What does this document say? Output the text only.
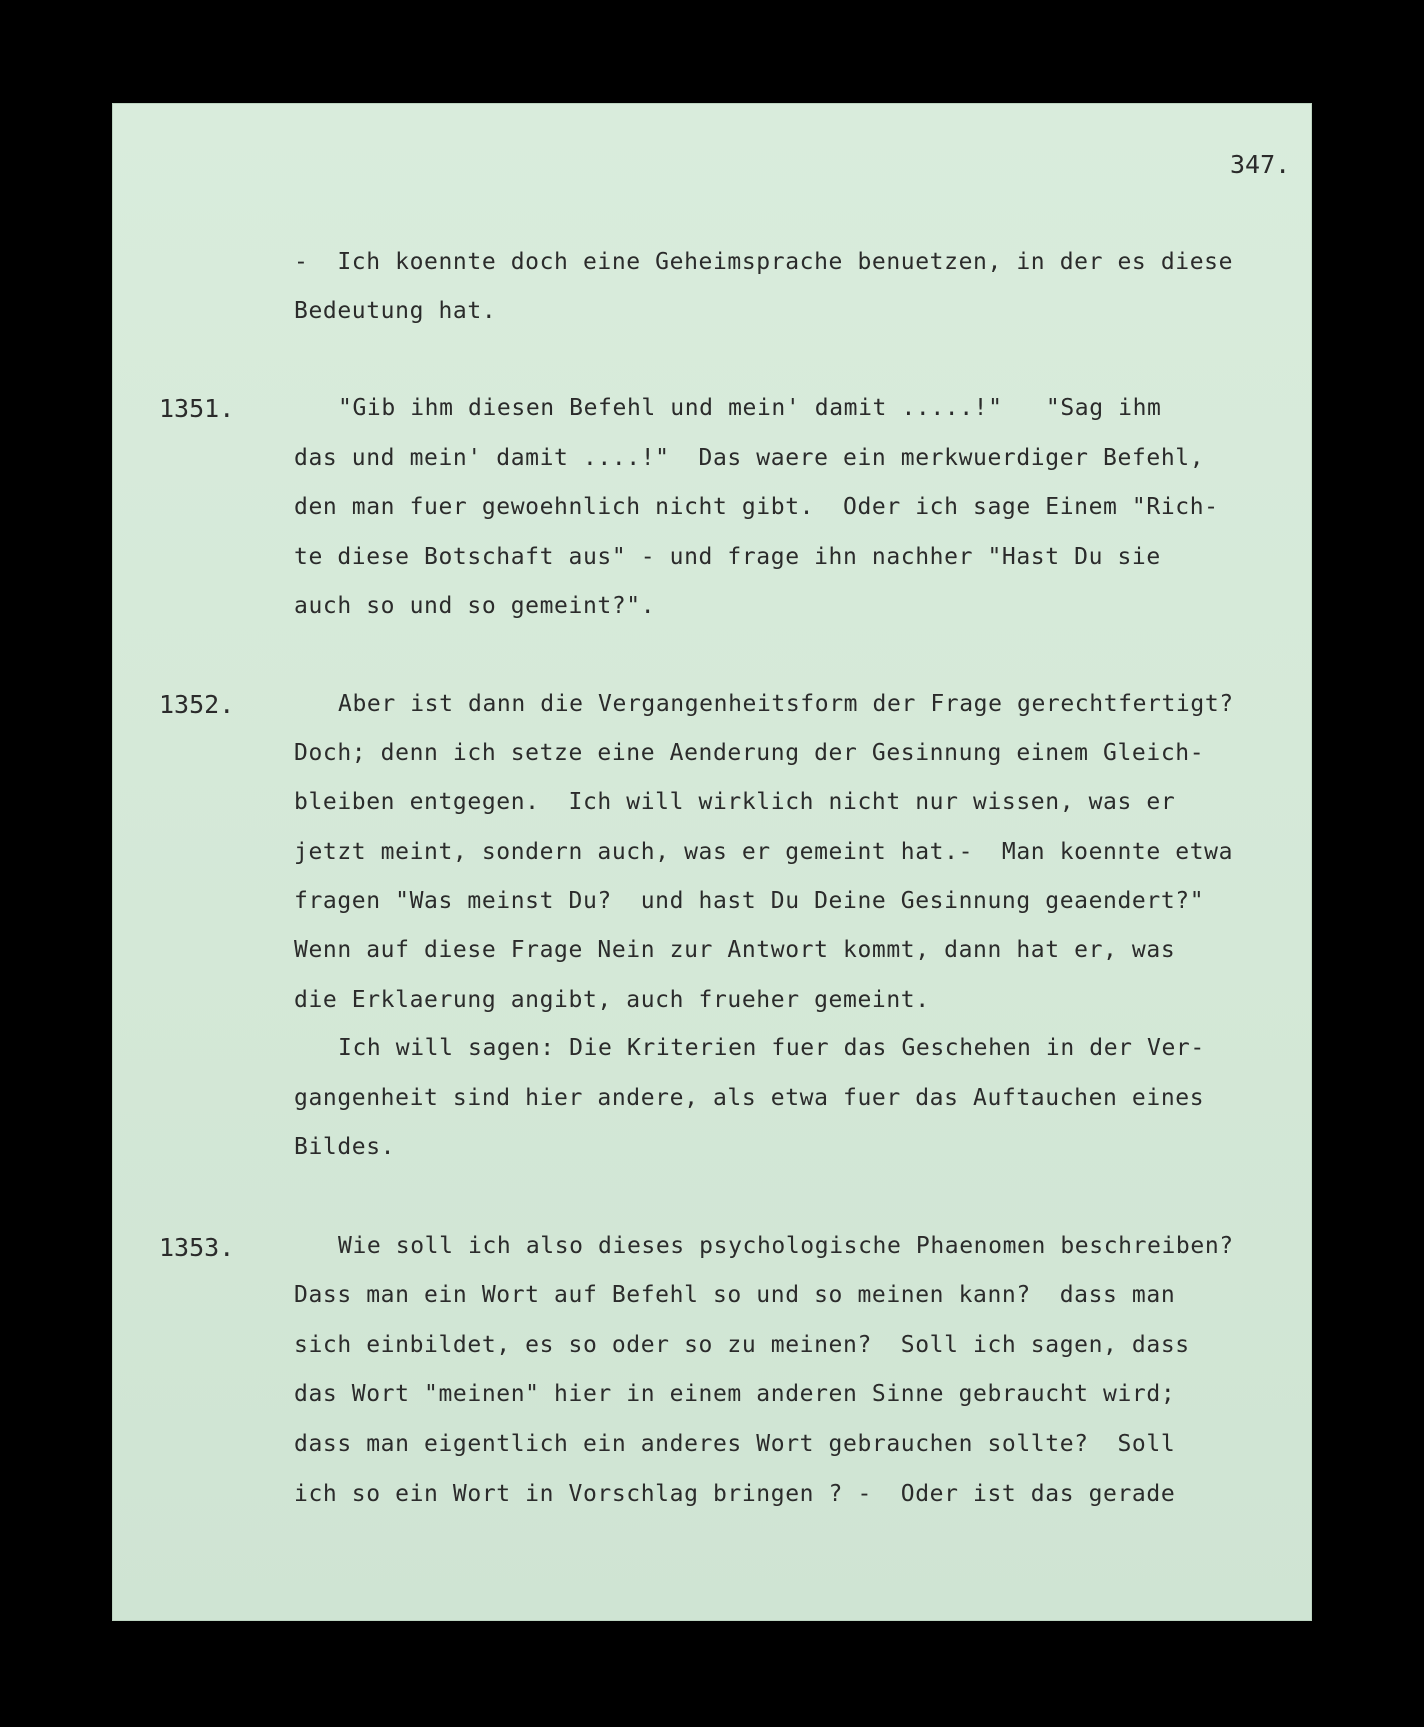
347.
1351.
1352.
1353.
-  Ich koennte doch eine Geheimsprache benuetzen, in der es diese
Bedeutung hat.
"Gib ihm diesen Befehl und mein' damit .....!"   "Sag ihm
das und mein' damit ....!"  Das waere ein merkwuerdiger Befehl,
den man fuer gewoehnlich nicht gibt.  Oder ich sage Einem "Rich-
te diese Botschaft aus" - und frage ihn nachher "Hast Du sie
auch so und so gemeint?".
Aber ist dann die Vergangenheitsform der Frage gerechtfertigt?
Doch; denn ich setze eine Aenderung der Gesinnung einem Gleich-
bleiben entgegen.  Ich will wirklich nicht nur wissen, was er
jetzt meint, sondern auch, was er gemeint hat.-  Man koennte etwa
fragen "Was meinst Du?  und hast Du Deine Gesinnung geaendert?"
Wenn auf diese Frage Nein zur Antwort kommt, dann hat er, was
die Erklaerung angibt, auch frueher gemeint.
Ich will sagen: Die Kriterien fuer das Geschehen in der Ver-
gangenheit sind hier andere, als etwa fuer das Auftauchen eines
Bildes.
Wie soll ich also dieses psychologische Phaenomen beschreiben?
Dass man ein Wort auf Befehl so und so meinen kann?  dass man
sich einbildet, es so oder so zu meinen?  Soll ich sagen, dass
das Wort "meinen" hier in einem anderen Sinne gebraucht wird;
dass man eigentlich ein anderes Wort gebrauchen sollte?  Soll
ich so ein Wort in Vorschlag bringen ? -  Oder ist das gerade
